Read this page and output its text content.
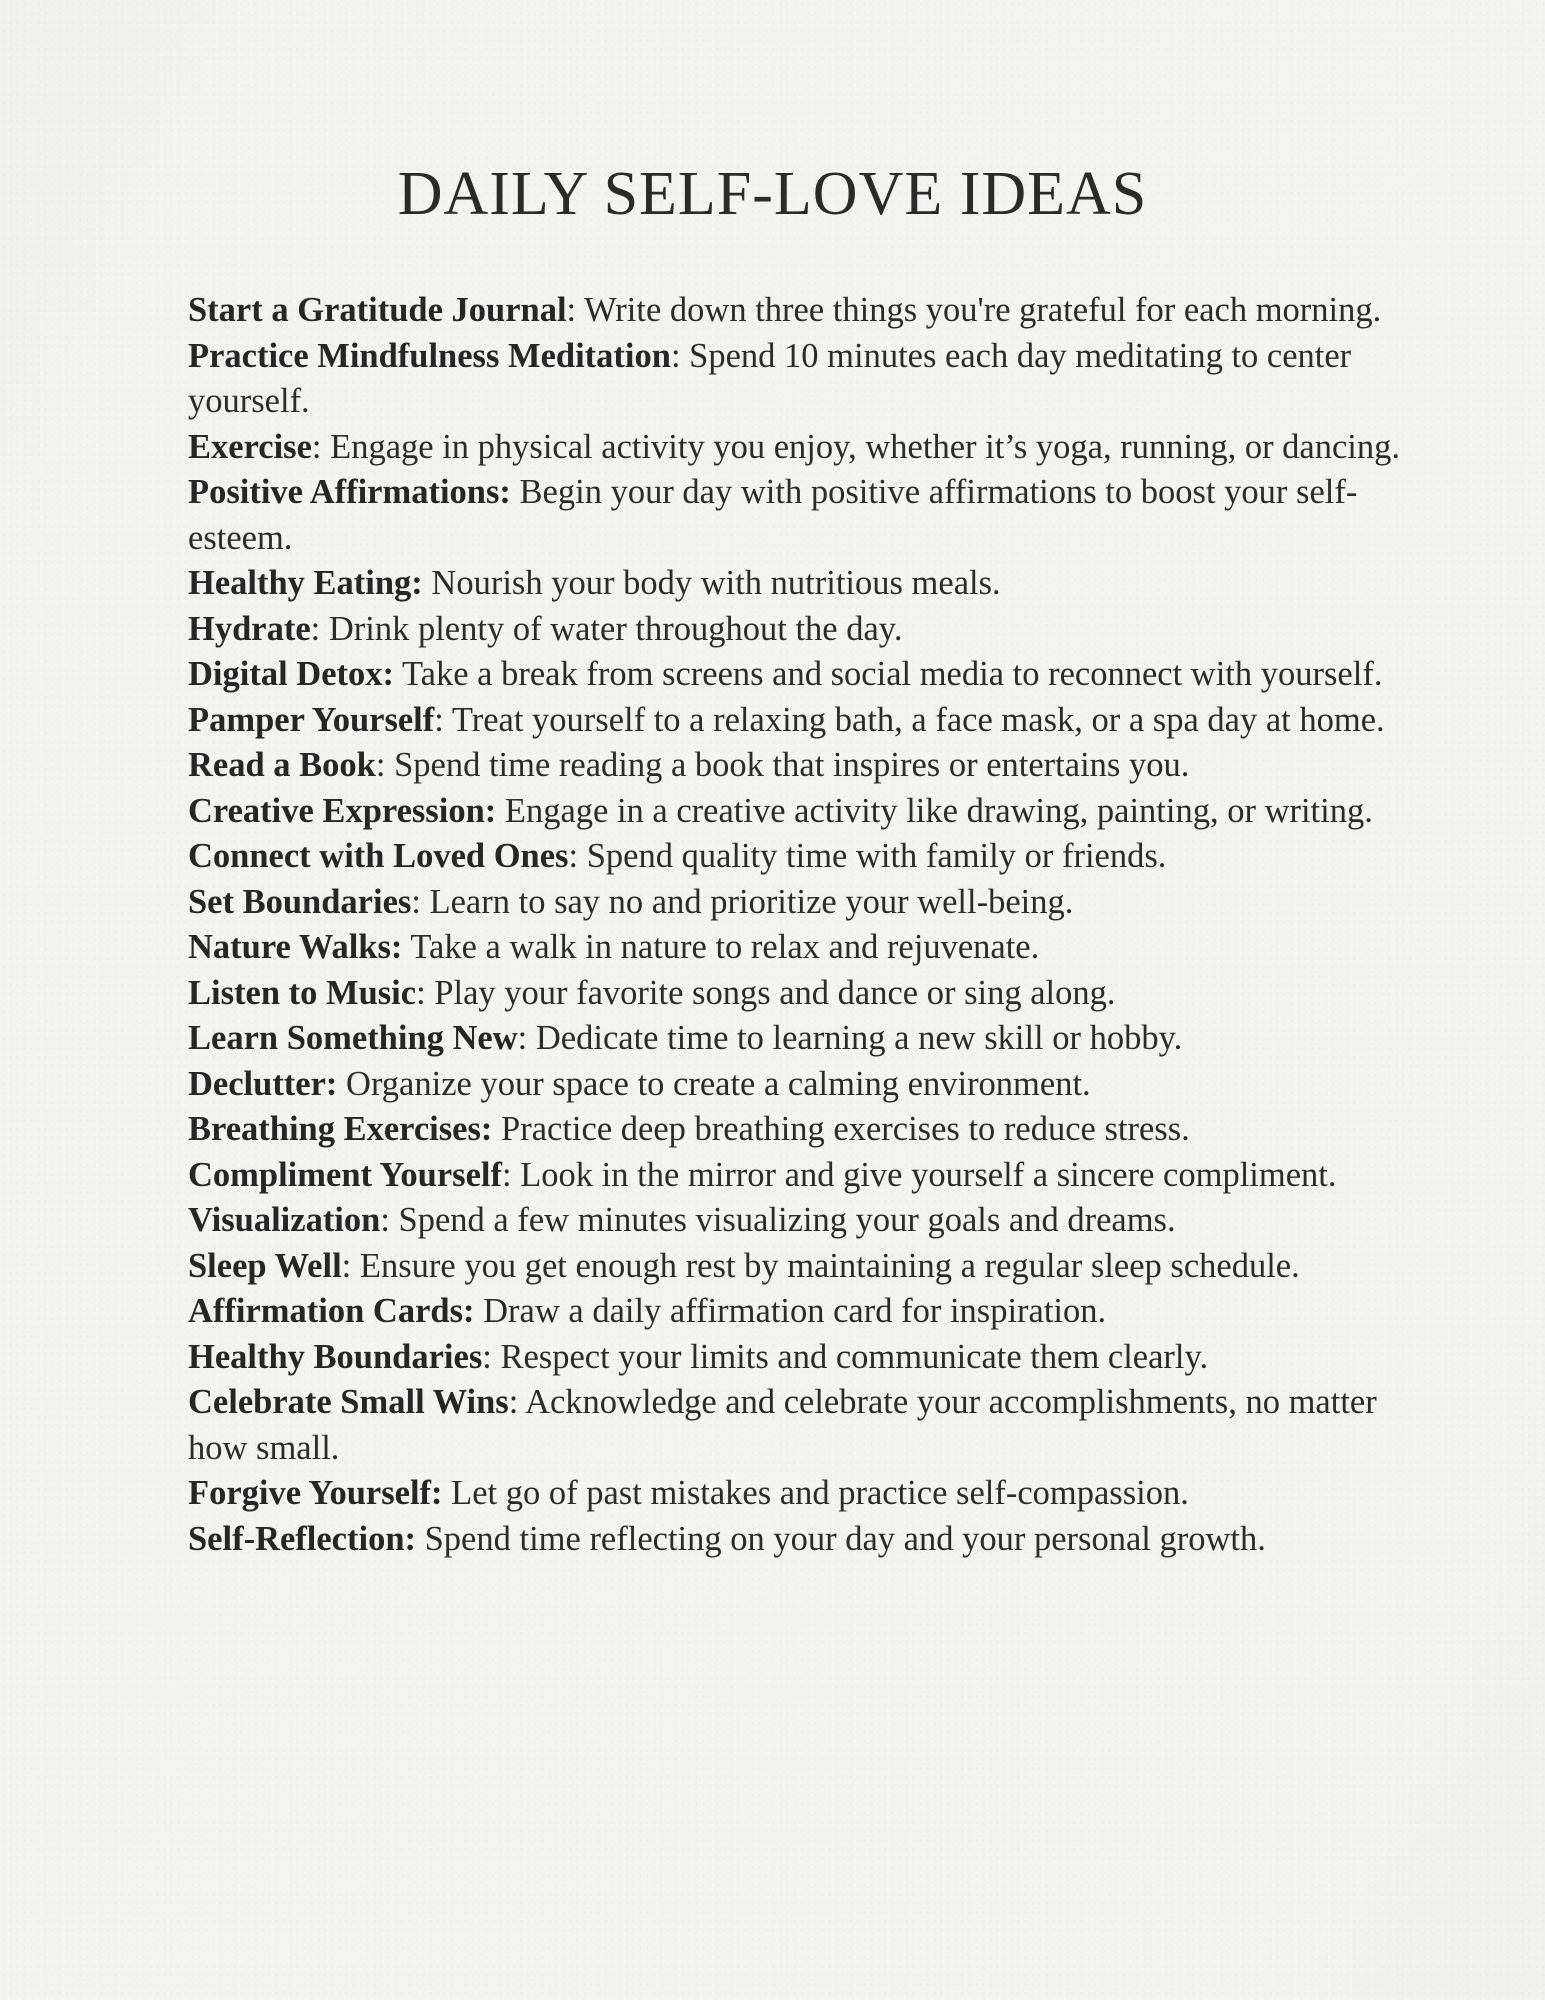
DAILY SELF-LOVE IDEAS
Start a Gratitude Journal: Write down three things you're grateful for each morning.
Practice Mindfulness Meditation: Spend 10 minutes each day meditating to center yourself.
Exercise: Engage in physical activity you enjoy, whether it’s yoga, running, or dancing.
Positive Affirmations: Begin your day with positive affirmations to boost your self-esteem.
Healthy Eating: Nourish your body with nutritious meals.
Hydrate: Drink plenty of water throughout the day.
Digital Detox: Take a break from screens and social media to reconnect with yourself.
Pamper Yourself: Treat yourself to a relaxing bath, a face mask, or a spa day at home.
Read a Book: Spend time reading a book that inspires or entertains you.
Creative Expression: Engage in a creative activity like drawing, painting, or writing.
Connect with Loved Ones: Spend quality time with family or friends.
Set Boundaries: Learn to say no and prioritize your well-being.
Nature Walks: Take a walk in nature to relax and rejuvenate.
Listen to Music: Play your favorite songs and dance or sing along.
Learn Something New: Dedicate time to learning a new skill or hobby.
Declutter: Organize your space to create a calming environment.
Breathing Exercises: Practice deep breathing exercises to reduce stress.
Compliment Yourself: Look in the mirror and give yourself a sincere compliment.
Visualization: Spend a few minutes visualizing your goals and dreams.
Sleep Well: Ensure you get enough rest by maintaining a regular sleep schedule.
Affirmation Cards: Draw a daily affirmation card for inspiration.
Healthy Boundaries: Respect your limits and communicate them clearly.
Celebrate Small Wins: Acknowledge and celebrate your accomplishments, no matter how small.
Forgive Yourself: Let go of past mistakes and practice self-compassion.
Self-Reflection: Spend time reflecting on your day and your personal growth.
